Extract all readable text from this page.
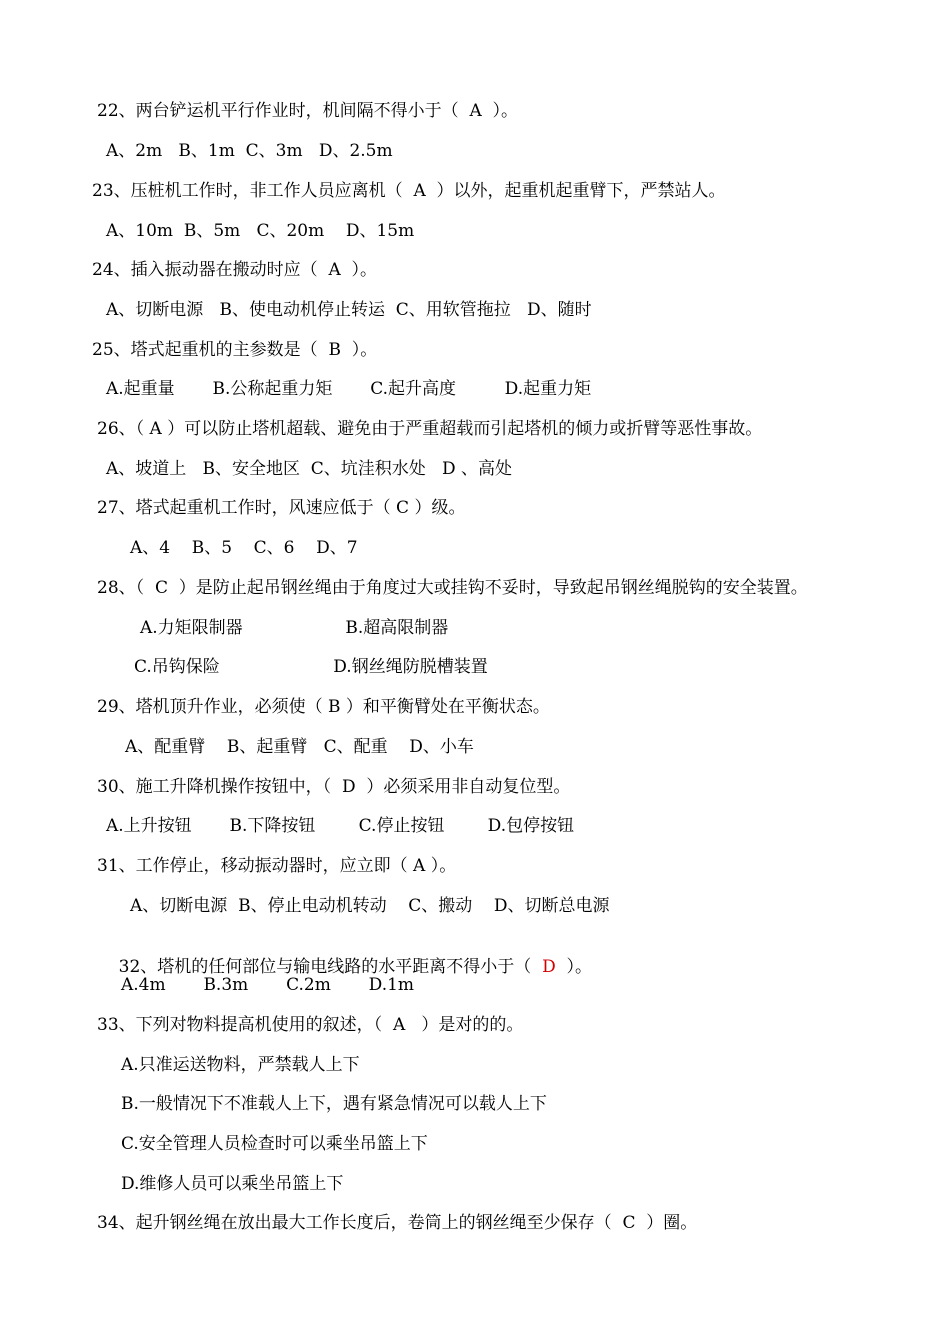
22、两台铲运机平行作业时，机间隔不得小于（  A  ）。
A、2m   B、1m  C、3m   D、2.5m
23、压桩机工作时，非工作人员应离机（  A  ）以外，起重机起重臂下，严禁站人。
A、10m  B、5m   C、20m    D、15m
24、插入振动器在搬动时应（  A  ）。
A、切断电源   B、使电动机停止转运  C、用软管拖拉   D、随时
25、塔式起重机的主参数是（  B  ）。
A.起重量       B.公称起重力矩       C.起升高度         D.起重力矩
26、（ A ）可以防止塔机超载、避免由于严重超载而引起塔机的倾力或折臂等恶性事故。
A、坡道上   B、安全地区  C、坑洼积水处   D 、高处
27、塔式起重机工作时，风速应低于（ C ）级。
A、4    B、5    C、6    D、7
28、（  C  ）是防止起吊钢丝绳由于角度过大或挂钩不妥时，导致起吊钢丝绳脱钩的安全装置。
A.力矩限制器                   B.超高限制器
C.吊钩保险                     D.钢丝绳防脱槽装置
29、塔机顶升作业，必须使（ B ）和平衡臂处在平衡状态。
A、配重臂    B、起重臂   C、配重    D、小车
30、施工升降机操作按钮中，（  D  ）必须采用非自动复位型。
A.上升按钮       B.下降按钮        C.停止按钮        D.包停按钮
31、工作停止，移动振动器时，应立即（ A ）。
A、切断电源  B、停止电动机转动    C、搬动    D、切断总电源

32、塔机的任何部位与输电线路的水平距离不得小于（  D  ）。

A.4m       B.3m       C.2m       D.1m
33、下列对物料提高机使用的叙述，（  A   ）是对的的。
A.只准运送物料，严禁载人上下
B.一般情况下不准载人上下，遇有紧急情况可以载人上下
C.安全管理人员检查时可以乘坐吊篮上下
D.维修人员可以乘坐吊篮上下
34、起升钢丝绳在放出最大工作长度后，卷筒上的钢丝绳至少保存（  C  ）圈。
